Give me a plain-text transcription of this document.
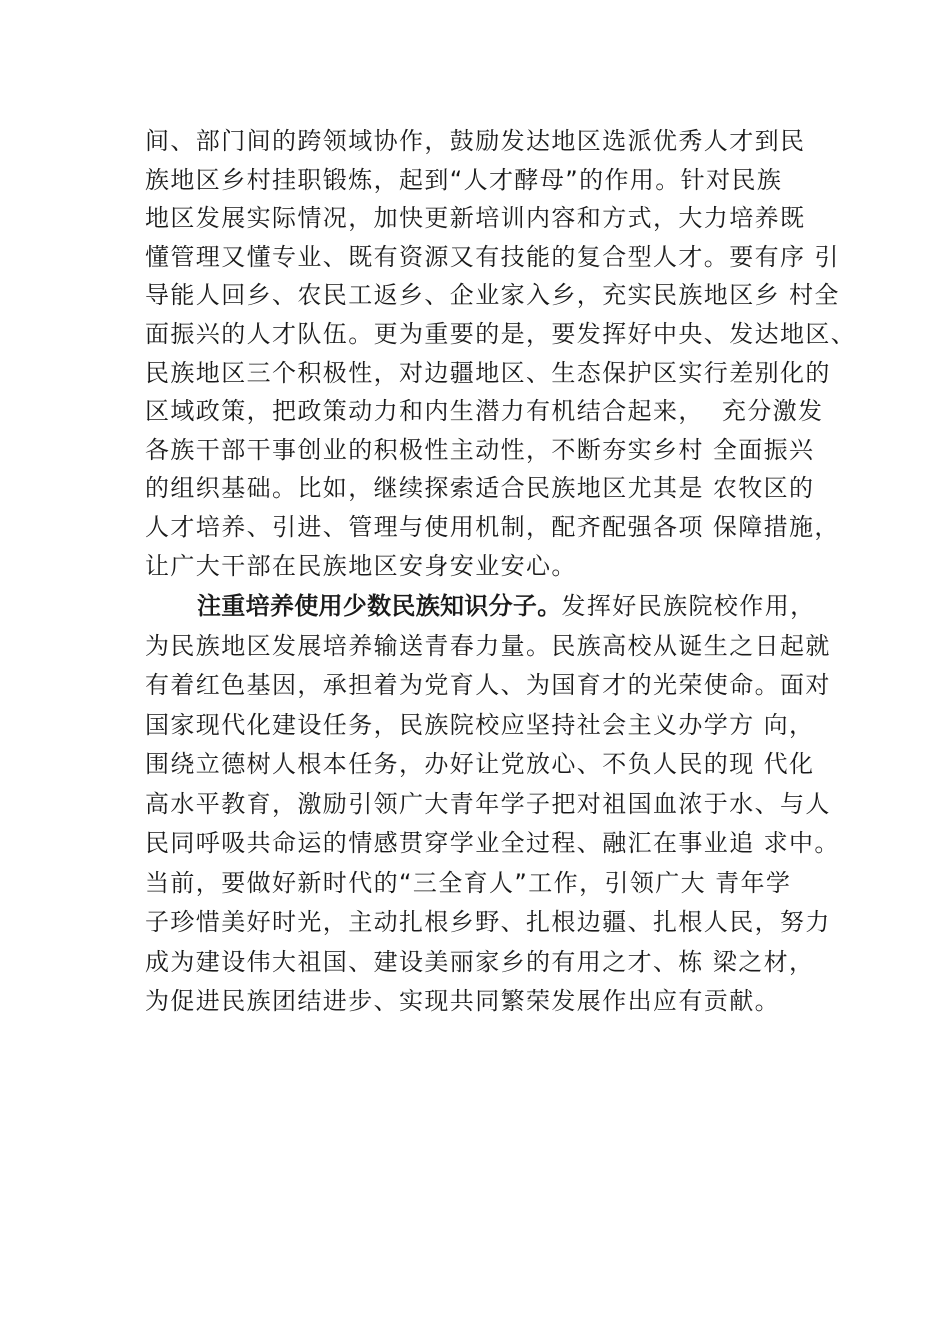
间、部门间的跨领域协作，鼓励发达地区选派优秀人才到民
族地区乡村挂职锻炼，起到“人才酵母”的作用。针对民族
地区发展实际情况，加快更新培训内容和方式，大力培养既
懂管理又懂专业、既有资源又有技能的复合型人才。要有序 引
导能人回乡、农民工返乡、企业家入乡，充实民族地区乡 村全
面振兴的人才队伍。更为重要的是，要发挥好中央、发达地区、
民族地区三个积极性，对边疆地区、生态保护区实行差别化的
区域政策，把政策动力和内生潜力有机结合起来，  充分激发
各族干部干事创业的积极性主动性，不断夯实乡村 全面振兴
的组织基础。比如，继续探索适合民族地区尤其是 农牧区的
人才培养、引进、管理与使用机制，配齐配强各项 保障措施，
让广大干部在民族地区安身安业安心。
注重培养使用少数民族知识分子。发挥好民族院校作用，
为民族地区发展培养输送青春力量。民族高校从诞生之日起就
有着红色基因，承担着为党育人、为国育才的光荣使命。面对
国家现代化建设任务，民族院校应坚持社会主义办学方 向，
围绕立德树人根本任务，办好让党放心、不负人民的现 代化
高水平教育，激励引领广大青年学子把对祖国血浓于水、与人
民同呼吸共命运的情感贯穿学业全过程、融汇在事业追 求中。
当前，要做好新时代的“三全育人”工作，引领广大 青年学
子珍惜美好时光，主动扎根乡野、扎根边疆、扎根人民，努力
成为建设伟大祖国、建设美丽家乡的有用之才、栋 梁之材，
为促进民族团结进步、实现共同繁荣发展作出应有贡献。
